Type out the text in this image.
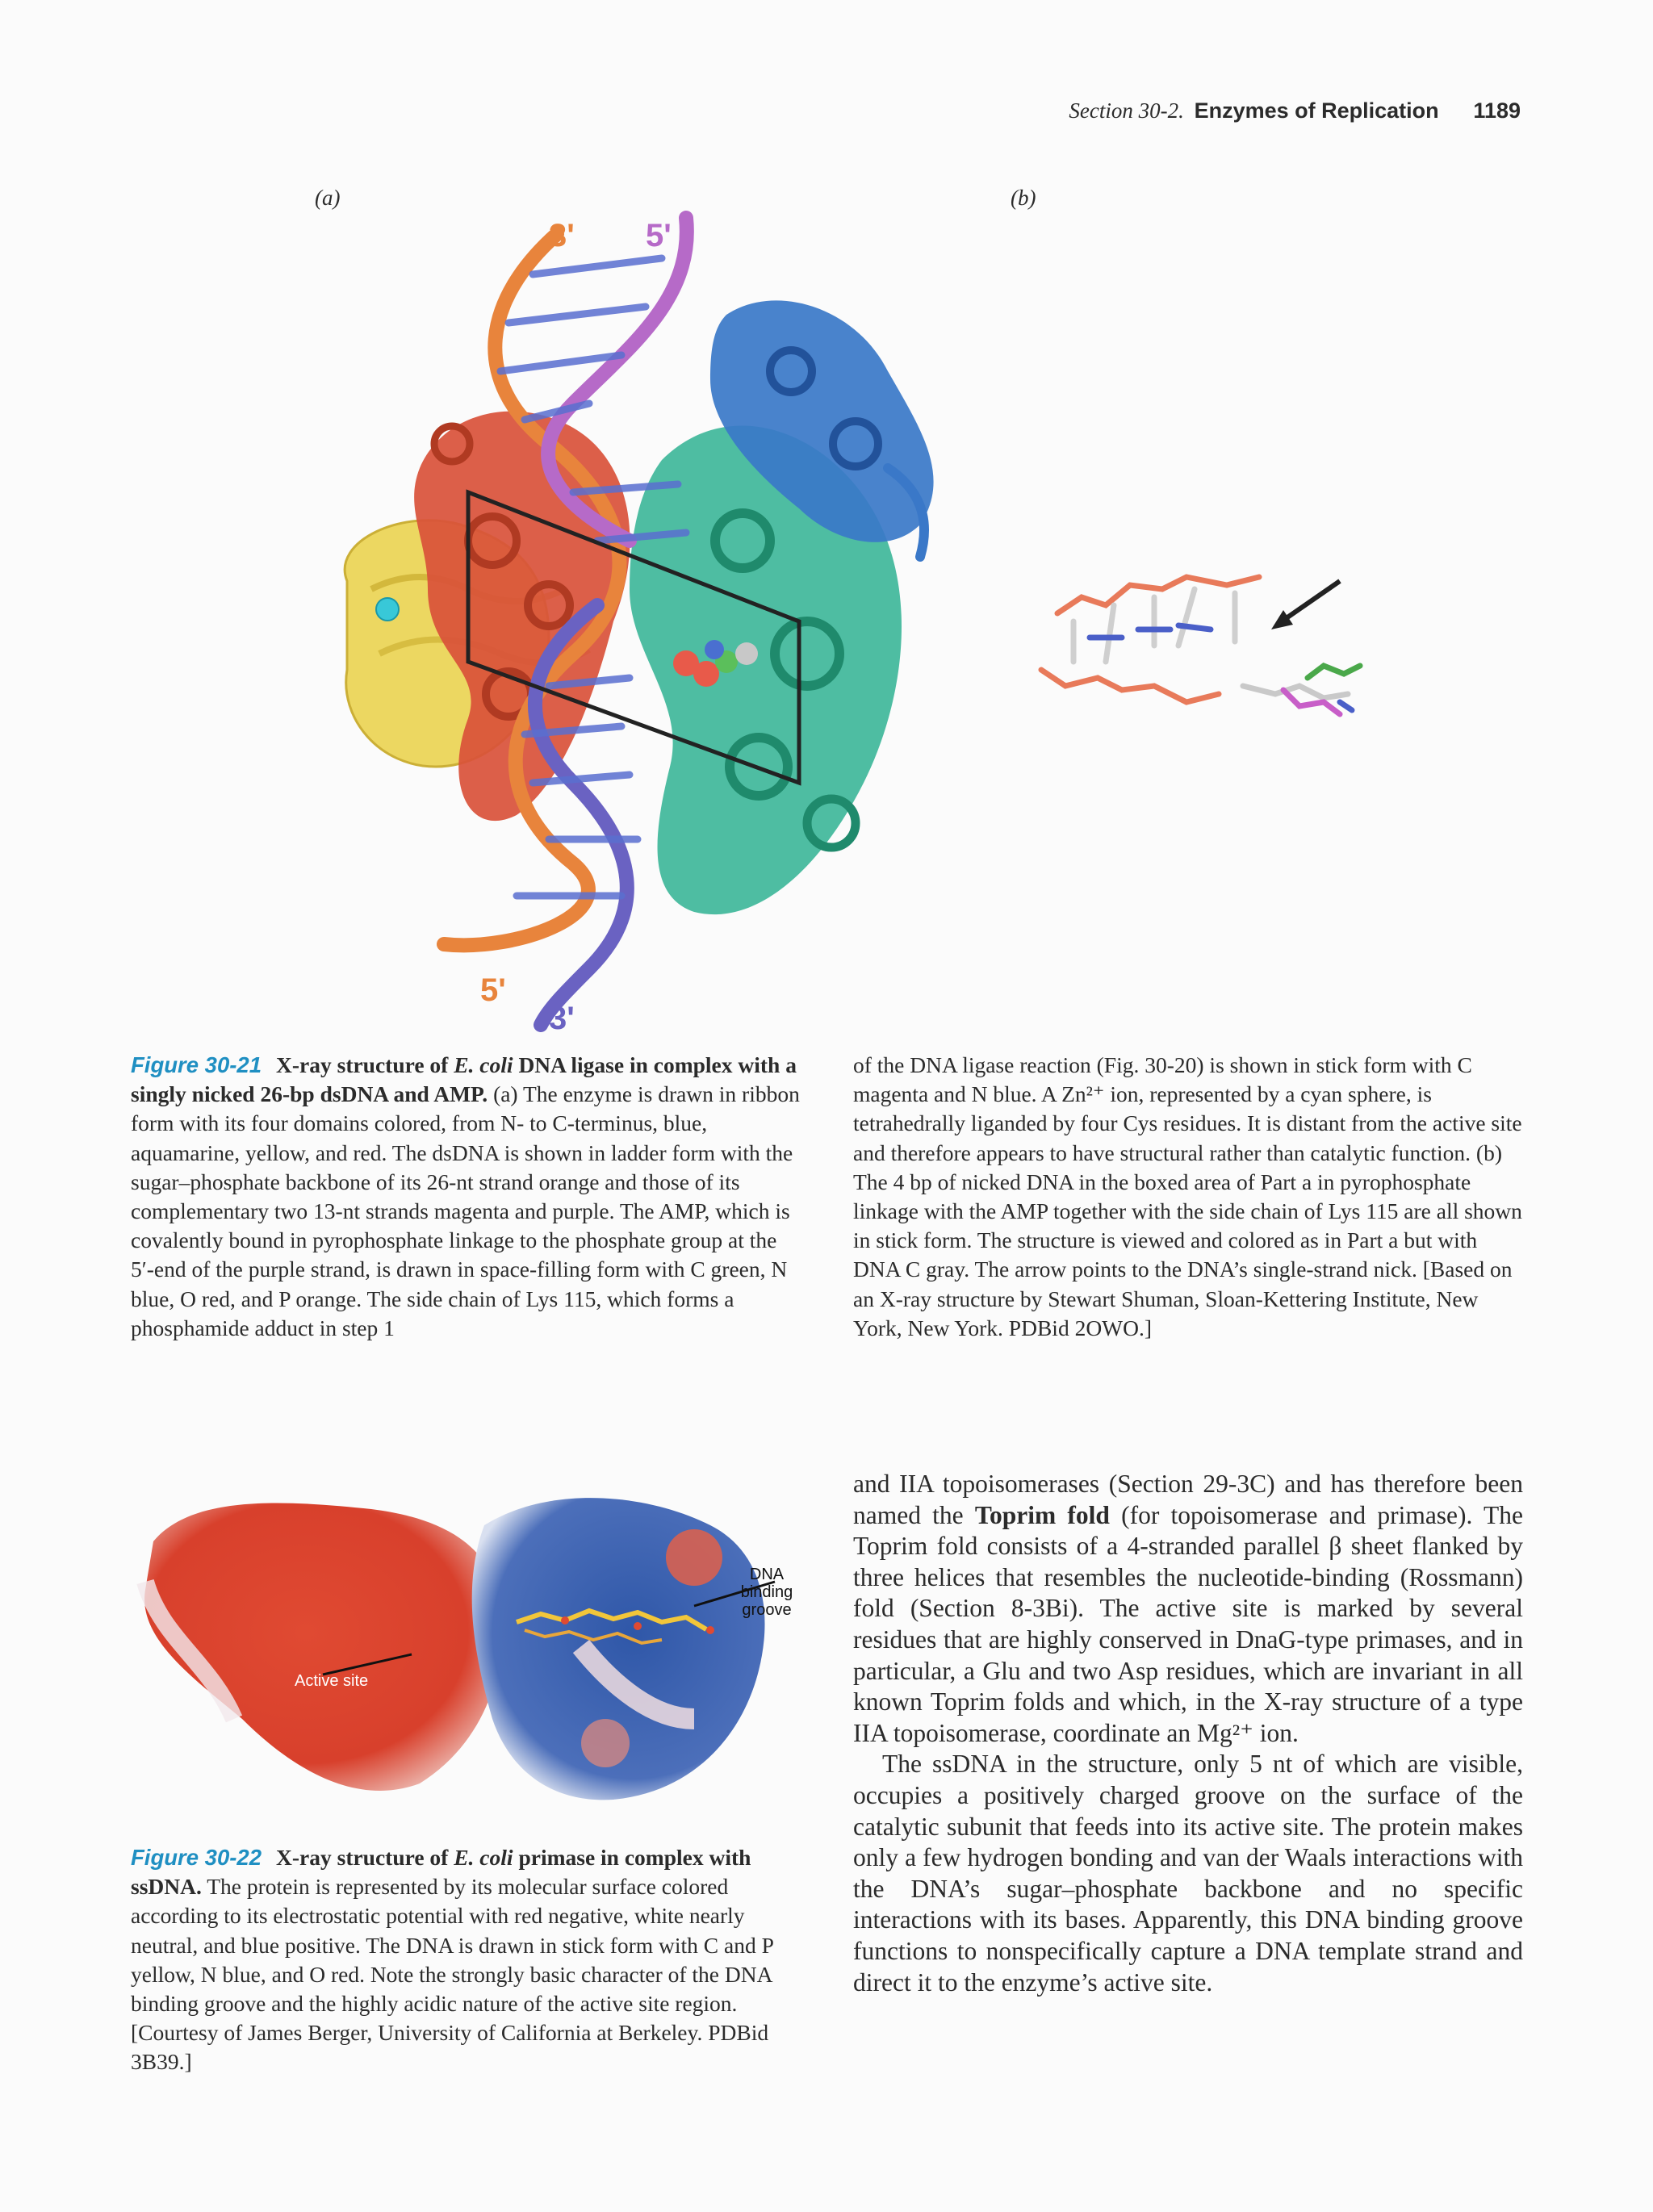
Section 30-2. Enzymes of Replication 1189
(a)	(b)
3' 5'
5'
3'
Figure 30-21 X-ray structure of E. coli DNA ligase in complex with a singly nicked 26-bp dsDNA and AMP. (a) The enzyme is drawn in ribbon form with its four domains colored, from N- to C-terminus, blue, aquamarine, yellow, and red. The dsDNA is shown in ladder form with the sugar–phosphate backbone of its 26-nt strand orange and those of its complementary two 13-nt strands magenta and purple. The AMP, which is covalently bound in pyrophosphate linkage to the phosphate group at the 5′-end of the purple strand, is drawn in space-filling form with C green, N blue, O red, and P orange. The side chain of Lys 115, which forms a phosphamide adduct in step 1
of the DNA ligase reaction (Fig. 30-20) is shown in stick form with C magenta and N blue. A Zn²⁺ ion, represented by a cyan sphere, is tetrahedrally liganded by four Cys residues. It is distant from the active site and therefore appears to have structural rather than catalytic function. (b) The 4 bp of nicked DNA in the boxed area of Part a in pyrophosphate linkage with the AMP together with the side chain of Lys 115 are all shown in stick form. The structure is viewed and colored as in Part a but with DNA C gray. The arrow points to the DNA’s single-strand nick. [Based on an X-ray structure by Stewart Shuman, Sloan-Kettering Institute, New York, New York. PDBid 2OWO.]
DNA binding groove
Active site
Figure 30-22 X-ray structure of E. coli primase in complex with ssDNA. The protein is represented by its molecular surface colored according to its electrostatic potential with red negative, white nearly neutral, and blue positive. The DNA is drawn in stick form with C and P yellow, N blue, and O red. Note the strongly basic character of the DNA binding groove and the highly acidic nature of the active site region. [Courtesy of James Berger, University of California at Berkeley. PDBid 3B39.]

and IIA topoisomerases (Section 29-3C) and has therefore been named the Toprim fold (for topoisomerase and primase). The Toprim fold consists of a 4-stranded parallel β sheet flanked by three helices that resembles the nucleotide-binding (Rossmann) fold (Section 8-3Bi). The active site is marked by several residues that are highly conserved in DnaG-type primases, and in particular, a Glu and two Asp residues, which are invariant in all known Toprim folds and which, in the X-ray structure of a type IIA topoisomerase, coordinate an Mg²⁺ ion.

The ssDNA in the structure, only 5 nt of which are visible, occupies a positively charged groove on the surface of the catalytic subunit that feeds into its active site. The protein makes only a few hydrogen bonding and van der Waals interactions with the DNA’s sugar–phosphate backbone and no specific interactions with its bases. Apparently, this DNA binding groove functions to nonspecifically capture a DNA template strand and direct it to the enzyme’s active site.
